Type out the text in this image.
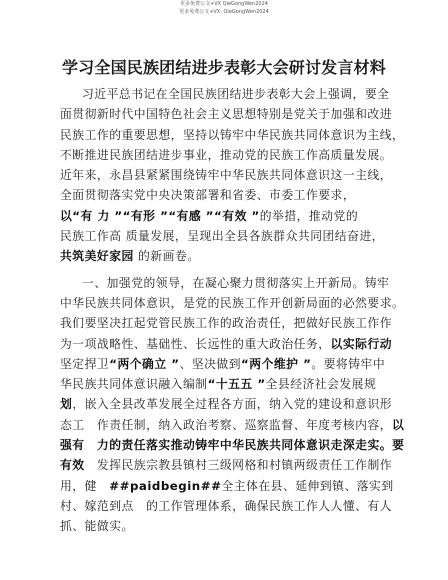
更多免费公文+VX QieGongWen2024
更多免费公文+VX: QieGongWen2024
学习全国民族团结进步表彰大会研讨发言材料
习近平总书记在全国民族团结进步表彰大会上强调，要全
面贯彻新时代中国特色社会主义思想特别是党关于加强和改进
民族工作的重要思想，坚持以铸牢中华民族共同体意识为主线，
不断推进民族团结进步事业，推动党的民族工作高质量发展。
近年来，永昌县紧紧围绕铸牢中华民族共同体意识这一主线，
全面贯彻落实党中央决策部署和省委、市委工作要求，
以“有 力 ”“有形 ”“有感 ”“有效 ”的举措，推动党的
民族工作高 质量发展，呈现出全县各族群众共同团结奋进，
共筑美好家园 的新画卷。
一、加强党的领导，在凝心聚力贯彻落实上开新局。铸牢
中华民族共同体意识，是党的民族工作开创新局面的必然要求。
我们要坚决扛起党管民族工作的政治责任，把做好民族工作作
为一项战略性、基础性、长远性的重大政治任务，以实际行动
坚定捍卫“两个确立 ”、坚决做到“两个维护 ”。要将铸牢中
华民族共同体意识融入编制“十五五 ”全县经济社会发展规
划，嵌入全县改革发展全过程各方面，纳入党的建设和意识形
态工　作责任制，纳入政治考察、巡察监督、年度考核内容，以
强有　力的责任落实推动铸牢中华民族共同体意识走深走实。要
有效　发挥民族宗教县镇村三级网格和村镇两级责任工作制作
用，健　##paidbegin##全主体在县、延伸到镇、落实到
村、嫁范到点　的工作管理体系，确保民族工作人人懂、有人
抓、能做实。
